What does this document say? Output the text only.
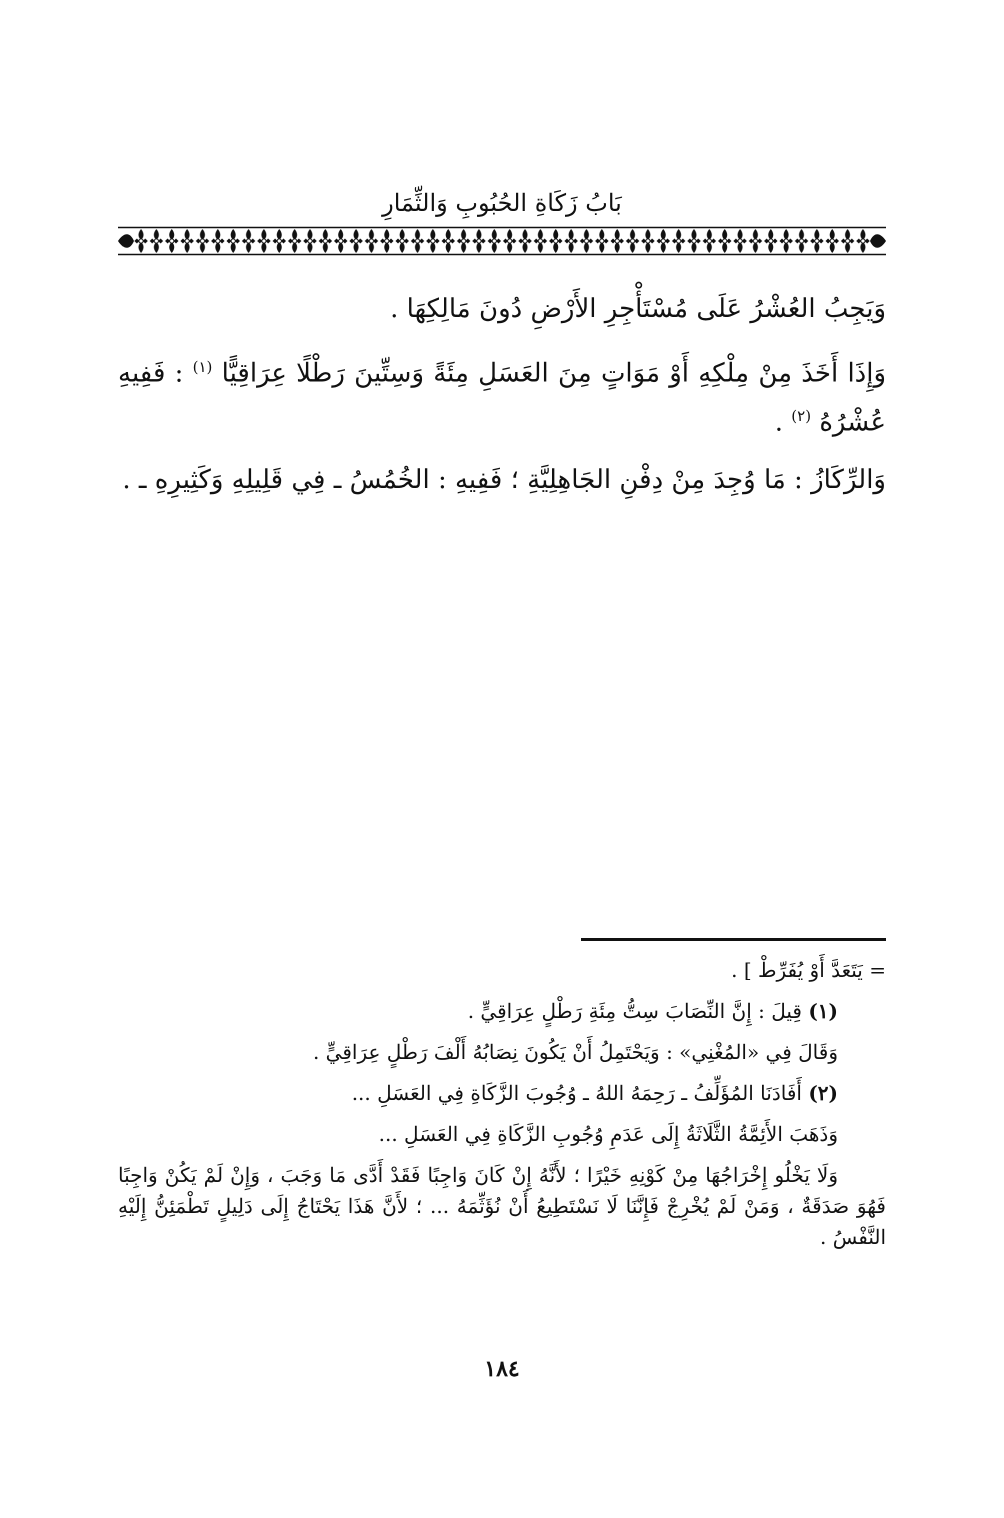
بَابُ زَكَاةِ الحُبُوبِ وَالثِّمَارِ

وَيَجِبُ العُشْرُ عَلَى مُسْتَأْجِرِ الأَرْضِ دُونَ مَالِكِهَا .

وَإِذَا أَخَذَ مِنْ مِلْكِهِ أَوْ مَوَاتٍ مِنَ العَسَلِ مِئَةً وَسِتِّينَ رَطْلًا عِرَاقِيًّا $^{(١)}$ : فَفِيهِ عُشْرُهُ $^{(٢)}$ .

وَالرِّكَازُ : مَا وُجِدَ مِنْ دِفْنِ الجَاهِلِيَّةِ ؛ فَفِيهِ : الخُمُسُ ـ فِي قَلِيلِهِ وَكَثِيرِهِ ـ .

= يَتَعَدَّ أَوْ يُفَرِّطْ ] .

(١) قِيلَ : إِنَّ النِّصَابَ سِتُّ مِئَةِ رَطْلٍ عِرَاقِيٍّ .

وَقَالَ فِي «المُغْنِي» : وَيَحْتَمِلُ أَنْ يَكُونَ نِصَابُهُ أَلْفَ رَطْلٍ عِرَاقِيٍّ .

(٢) أَفَادَنَا المُؤَلِّفُ ـ رَحِمَهُ اللهُ ـ وُجُوبَ الزَّكَاةِ فِي العَسَلِ ...

وَذَهَبَ الأَئِمَّةُ الثَّلَاثَةُ إِلَى عَدَمِ وُجُوبِ الزَّكَاةِ فِي العَسَلِ ...

وَلَا يَخْلُو إِخْرَاجُهَا مِنْ كَوْنِهِ خَيْرًا ؛ لأَنَّهُ إِنْ كَانَ وَاجِبًا فَقَدْ أَدَّى مَا وَجَبَ ، وَإِنْ لَمْ يَكُنْ وَاجِبًا فَهُوَ صَدَقَةٌ ، وَمَنْ لَمْ يُخْرِجْ فَإِنَّنَا لَا نَسْتَطِيعُ أَنْ نُؤَثِّمَهُ ... ؛ لأَنَّ هَذَا يَحْتَاجُ إِلَى دَلِيلٍ تَطْمَئِنُّ إِلَيْهِ النَّفْسُ .

١٨٤
